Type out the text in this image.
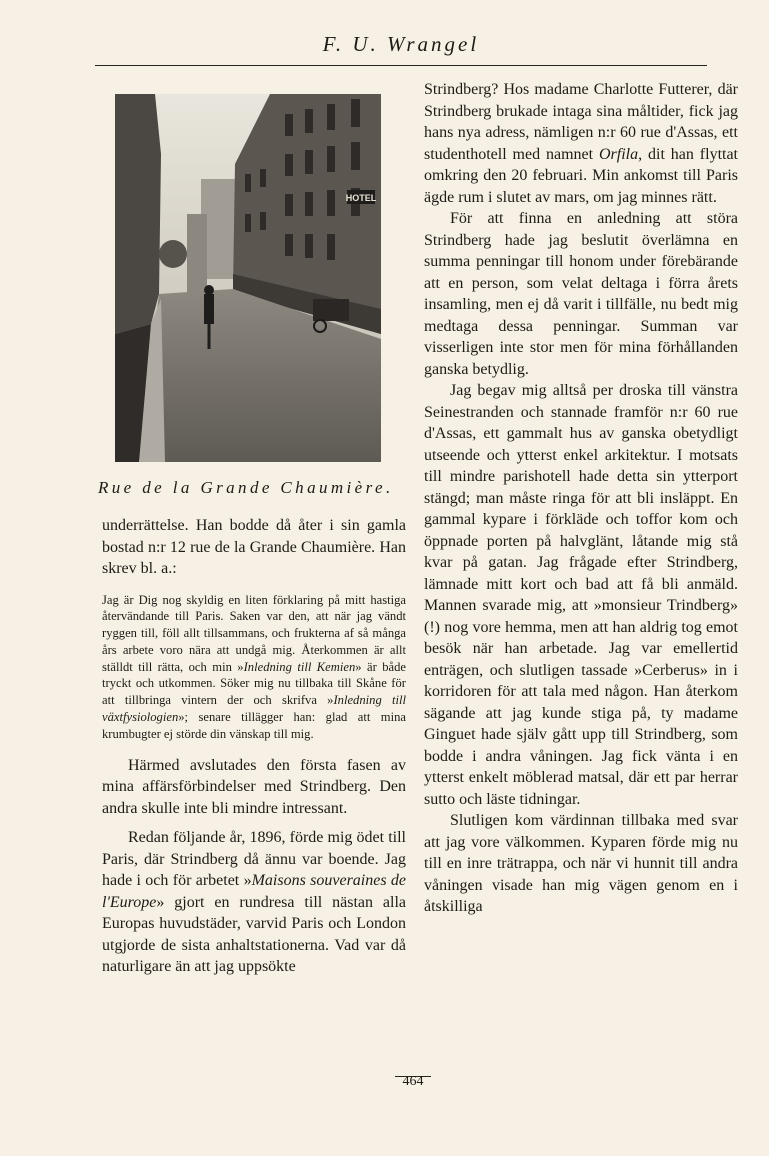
F. U. Wrangel
HOTEL
Rue de la Grande Chaumière.

underrättelse. Han bodde då åter i sin gamla bostad n:r 12 rue de la Grande Chaumière. Han skrev bl. a.:

Jag är Dig nog skyldig en liten förklaring på mitt hastiga återvändande till Paris. Saken var den, att när jag vändt ryggen till, föll allt tillsammans, och frukterna af så många års arbete voro nära att undgå mig. Återkommen är allt ställdt till rätta, och min »Inledning till Kemien» är både tryckt och utkommen. Söker mig nu tillbaka till Skåne för att tillbringa vintern der och skrifva »Inledning till växtfysiologien»; senare tillägger han: glad att mina krumbugter ej störde din vänskap till mig.

Härmed avslutades den första fasen av mina affärsförbindelser med Strindberg. Den andra skulle inte bli mindre intressant.

Redan följande år, 1896, förde mig ödet till Paris, där Strindberg då ännu var boende. Jag hade i och för arbetet »Maisons souveraines de l'Europe» gjort en rundresa till nästan alla Europas huvudstäder, varvid Paris och London utgjorde de sista anhaltstationerna. Vad var då naturligare än att jag uppsökte

Strindberg? Hos madame Charlotte Futterer, där Strindberg brukade intaga sina måltider, fick jag hans nya adress, nämligen n:r 60 rue d'Assas, ett studenthotell med namnet Orfila, dit han flyttat omkring den 20 februari. Min ankomst till Paris ägde rum i slutet av mars, om jag minnes rätt.

För att finna en anledning att störa Strindberg hade jag beslutit överlämna en summa penningar till honom under förebärande att en person, som velat deltaga i förra årets insamling, men ej då varit i tillfälle, nu bedt mig medtaga dessa penningar. Summan var visserligen inte stor men för mina förhållanden ganska betydlig.

Jag begav mig alltså per droska till vänstra Seinestranden och stannade framför n:r 60 rue d'Assas, ett gammalt hus av ganska obetydligt utseende och ytterst enkel arkitektur. I motsats till mindre parishotell hade detta sin ytterport stängd; man måste ringa för att bli insläppt. En gammal kypare i förkläde och toffor kom och öppnade porten på halvglänt, låtande mig stå kvar på gatan. Jag frågade efter Strindberg, lämnade mitt kort och bad att få bli anmäld. Mannen svarade mig, att »monsieur Trindberg» (!) nog vore hemma, men att han aldrig tog emot besök när han arbetade. Jag var emellertid enträgen, och slutligen tassade »Cerberus» in i korridoren för att tala med någon. Han återkom sägande att jag kunde stiga på, ty madame Ginguet hade själv gått upp till Strindberg, som bodde i andra våningen. Jag fick vänta i en ytterst enkelt möblerad matsal, där ett par herrar sutto och läste tidningar.

Slutligen kom värdinnan tillbaka med svar att jag vore välkommen. Kyparen förde mig nu till en inre trätrappa, och när vi hunnit till andra våningen visade han mig vägen genom en i åtskilliga

464
